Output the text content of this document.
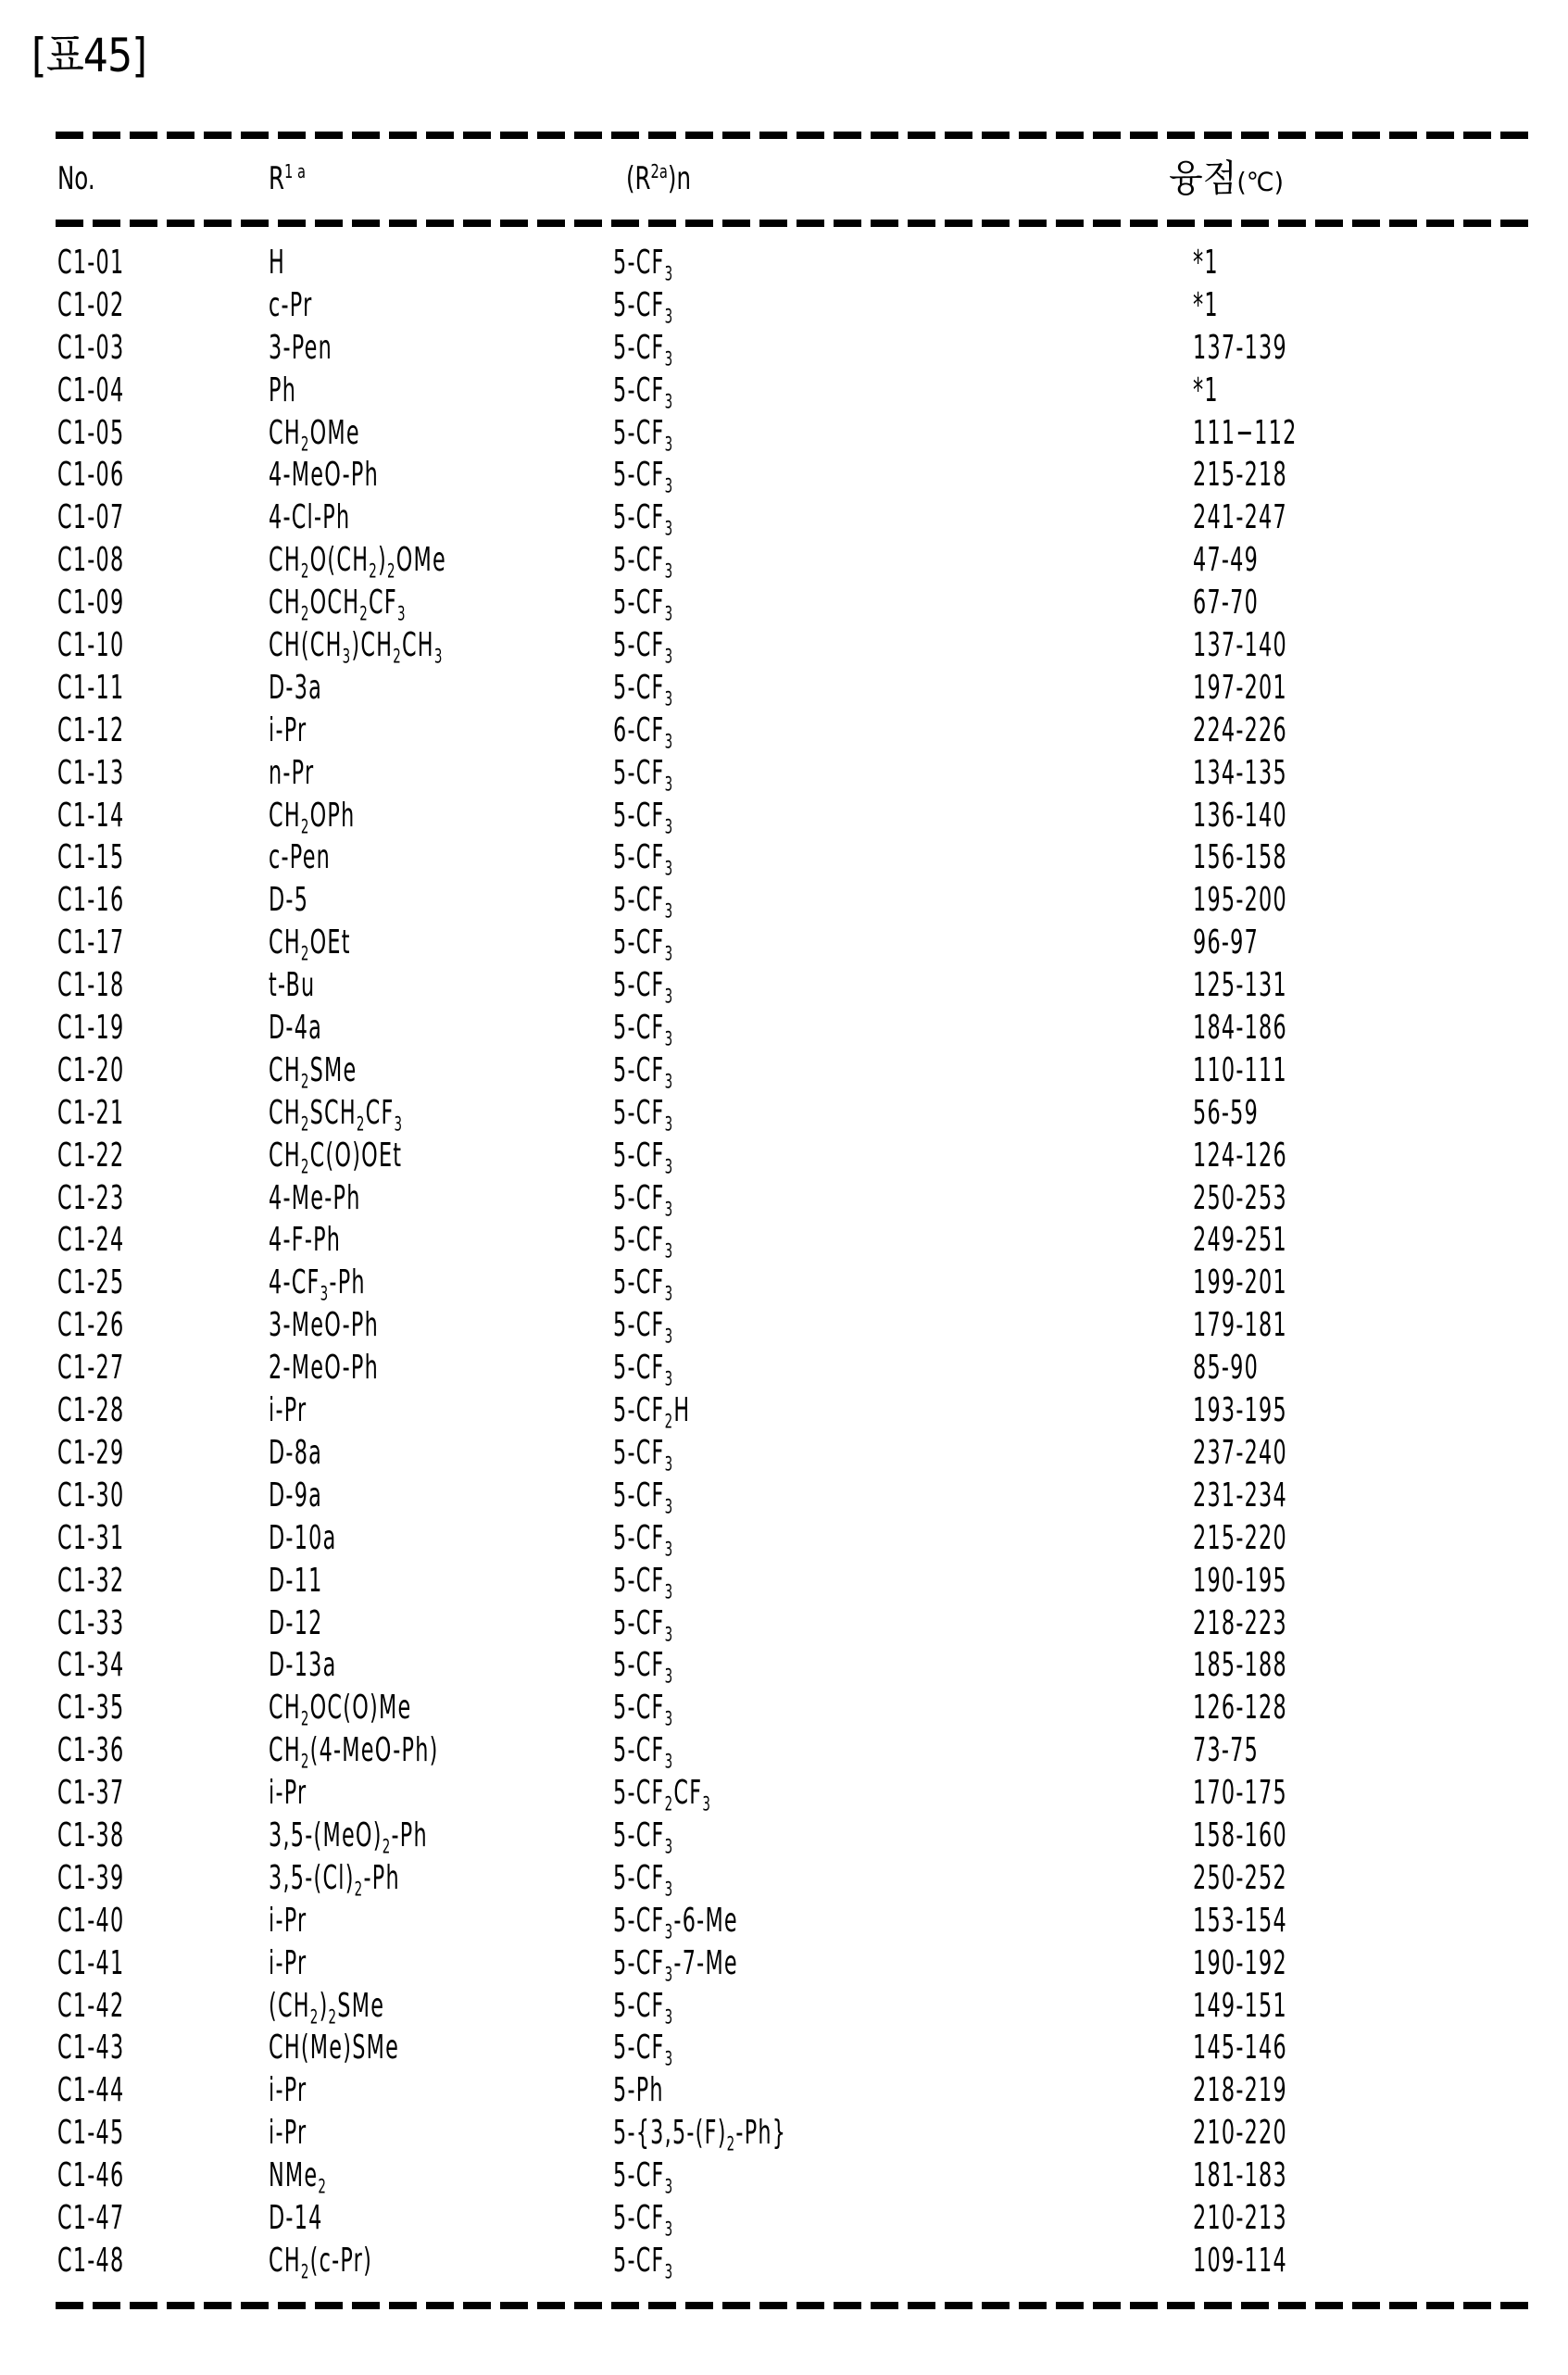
[표45]
No.	$R^{1 a}$	$(R^{2a})n$	융점(℃)
C1-01	H	$5-CF_3$	*1
C1-02	c-Pr	$5-CF_3$	*1
C1-03	3-Pen	$5-CF_3$	137-139
C1-04	Ph	$5-CF_3$	*1
C1-05	$CH_2OMe$	$5-CF_3$	111−112
C1-06	4-MeO-Ph	$5-CF_3$	215-218
C1-07	4-Cl-Ph	$5-CF_3$	241-247
C1-08	$CH_2O(CH_2)_2OMe$	$5-CF_3$	47-49
C1-09	$CH_2OCH_2CF_3$	$5-CF_3$	67-70
C1-10	$CH(CH_3)CH_2CH_3$	$5-CF_3$	137-140
C1-11	D-3a	$5-CF_3$	197-201
C1-12	i-Pr	$6-CF_3$	224-226
C1-13	n-Pr	$5-CF_3$	134-135
C1-14	$CH_2OPh$	$5-CF_3$	136-140
C1-15	c-Pen	$5-CF_3$	156-158
C1-16	D-5	$5-CF_3$	195-200
C1-17	$CH_2OEt$	$5-CF_3$	96-97
C1-18	t-Bu	$5-CF_3$	125-131
C1-19	D-4a	$5-CF_3$	184-186
C1-20	$CH_2SMe$	$5-CF_3$	110-111
C1-21	$CH_2SCH_2CF_3$	$5-CF_3$	56-59
C1-22	$CH_2C(O)OEt$	$5-CF_3$	124-126
C1-23	4-Me-Ph	$5-CF_3$	250-253
C1-24	4-F-Ph	$5-CF_3$	249-251
C1-25	$4-CF_3-Ph$	$5-CF_3$	199-201
C1-26	3-MeO-Ph	$5-CF_3$	179-181
C1-27	2-MeO-Ph	$5-CF_3$	85-90
C1-28	i-Pr	$5-CF_2H$	193-195
C1-29	D-8a	$5-CF_3$	237-240
C1-30	D-9a	$5-CF_3$	231-234
C1-31	D-10a	$5-CF_3$	215-220
C1-32	D-11	$5-CF_3$	190-195
C1-33	D-12	$5-CF_3$	218-223
C1-34	D-13a	$5-CF_3$	185-188
C1-35	$CH_2OC(O)Me$	$5-CF_3$	126-128
C1-36	$CH_2(4-MeO-Ph)$	$5-CF_3$	73-75
C1-37	i-Pr	$5-CF_2CF_3$	170-175
C1-38	$3,5-(MeO)_2-Ph$	$5-CF_3$	158-160
C1-39	$3,5-(Cl)_2-Ph$	$5-CF_3$	250-252
C1-40	i-Pr	$5-CF_3-6-Me$	153-154
C1-41	i-Pr	$5-CF_3-7-Me$	190-192
C1-42	$(CH_2)_2SMe$	$5-CF_3$	149-151
C1-43	CH(Me)SMe	$5-CF_3$	145-146
C1-44	i-Pr	5-Ph	218-219
C1-45	i-Pr	$5-\{3,5-(F)_2-Ph\}$	210-220
C1-46	NMe$_2$	$5-CF_3$	181-183
C1-47	D-14	$5-CF_3$	210-213
C1-48	$CH_2(c-Pr)$	$5-CF_3$	109-114
